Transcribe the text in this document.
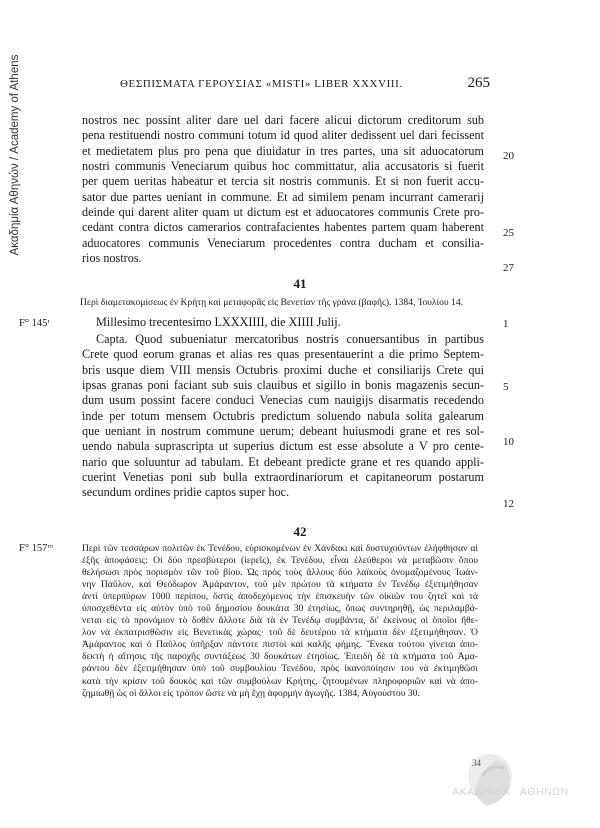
Ακαδημία Αθηνών / Academy of Athens	ΘΕΣΠΙΣΜΑΤΑ ΓΕΡΟΥΣΙΑΣ «MISTI» LIBER XXXVIII.	265
nostros nec possint aliter dare uel dari facere alicui dictorum creditorum sub
pena restituendi nostro communi totum id quod aliter dedissent uel dari fecissent
et medietatem plus pro pena que diuidatur in tres partes, una sit aduocatorum
nostri communis Veneciarum quibus hoc committatur, alia accusatoris si fuerit
per quem ueritas habeatur et tercia sit nostris communis. Et si non fuerit accu-
sator due partes ueniant in commune. Et ad similem penam incurrant camerarij
deinde qui darent aliter quam ut dictum est et aduocatores communis Crete pro-
cedant contra dictos camerarios contrafacientes habentes partem quam haberent
aduocatores communis Veneciarum procedentes contra ducham et consilia-
rios nostros.
20
25
27
41
Περὶ διαμετακομίσεως ἐν Κρήτῃ καὶ μεταφορᾶς εἰς Βενετίαν τῆς γράνα (βαφῆς). 1384, Ἰουλίου 14.
F° 145ʳ	Millesimo trecentesimo LXXXIIII, die XIIII Julij.	1
Capta. Quod subueniatur mercatoribus nostris conuersantibus in partibus
Crete quod eorum granas et alias res quas presentauerint a die primo Septem-
bris usque diem VIII mensis Octubris proximi duche et consiliarijs Crete qui
ipsas granas poni faciant sub suis clauibus et sigillo in bonis magazenis secun-
dum usum possint facere conduci Venecias cum nauigijs disarmatis recedendo
inde per totum mensem Octubris predictum soluendo nabula solita galearum
que ueniant in nostrum commune uerum; debeant huiusmodi grane et res sol-
uendo nabula suprascripta ut superius dictum est esse absolute a V pro cente-
nario que soluuntur ad tabulam. Et debeant predicte grane et res quando appli-
cuerint Venetias poni sub bulla extraordinariorum et capitaneorum postarum
secundum ordines pridie captos super hoc.
5
10
12
42
F° 157ʳᵒ	Περὶ τῶν τεσσάρων πολιτῶν ἐκ Τενέδου, εὑρισκομένων ἐν Χάνδακι καὶ δυστυχούντων ἐλήφθησαν αἱ
ἑξῆς ἀποφάσεις: Οἱ δύο πρεσβύτεροι (ἱερεῖς), ἐκ Τενέδου, εἶναι ἐλεύθεροι νὰ μεταβῶσιν ὅπου
θελήσωσι πρὸς πορισμὸν τῶν τοῦ βίου. Ὡς πρὸς τοὺς ἄλλους δύο λαϊκοὺς ὀνομαζομένους Ἰωάν-
νην Παῦλον, καὶ Θεόδωρον Ἀμάραντον, τοῦ μὲν πρώτου τὰ κτήματα ἐν Τενέδῳ ἐξετιμήθησαν
ἀντὶ ὑπερπύρων 1000 περίπου, ὅστις ἀποδεχόμενος τὴν ἐπισκευὴν τῶν οἰκιῶν του ζητεῖ καὶ τὰ
ὑποσχεθέντα εἰς αὐτὸν ὑπὸ τοῦ δημοσίου δουκάτα 30 ἐτησίως, ὅπως συντηρηθῇ, ὡς περιλαμβά-
νεται εἰς τὸ προνόμιον τὸ δοθὲν ἄλλοτε διὰ τὰ ἐν Τενέδῳ συμβάντα, δι' ἐκείνους οἱ ὁποῖοι ἤθε-
λον νὰ ἐκπατρισθῶσιν εἰς Βενετικὰς χώρας· τοῦ δὲ δευτέρου τὰ κτήματα δὲν ἐξετιμήθησαν. Ὁ
Ἀμάραντος καὶ ὁ Παῦλος ὑπῆρξαν πάντοτε πιστοὶ καὶ καλῆς φήμης. Ἕνεκα τούτου γίνεται ἀπο-
δεκτὴ ἡ αἴτησις τῆς παροχῆς συντάξεως 30 δουκάτων ἐτησίως. Ἐπειδὴ δὲ τὰ κτήματα τοῦ Ἀμα-
ράντου δὲν ἐξετιμήθησαν ὑπὸ τοῦ συμβουλίου Τενέδου, πρὸς ἱκανοποίησιν του νὰ ἐκτιμηθῶσι
κατὰ τὴν κρίσιν τοῦ δουκὸς καὶ τῶν συμβούλων Κρήτης, ζητουμένων πληροφοριῶν καὶ νὰ ἀπο-
ζημιωθῇ ὡς οἱ ἄλλοι εἰς τρόπον ὥστε νὰ μὴ ἔχῃ ἀφορμὴν ἀγωγῆς. 1384, Αὐγούστου 30.
34
ΑΚΑΔΗΜΙΑ ΑΘΗΝΩΝ
